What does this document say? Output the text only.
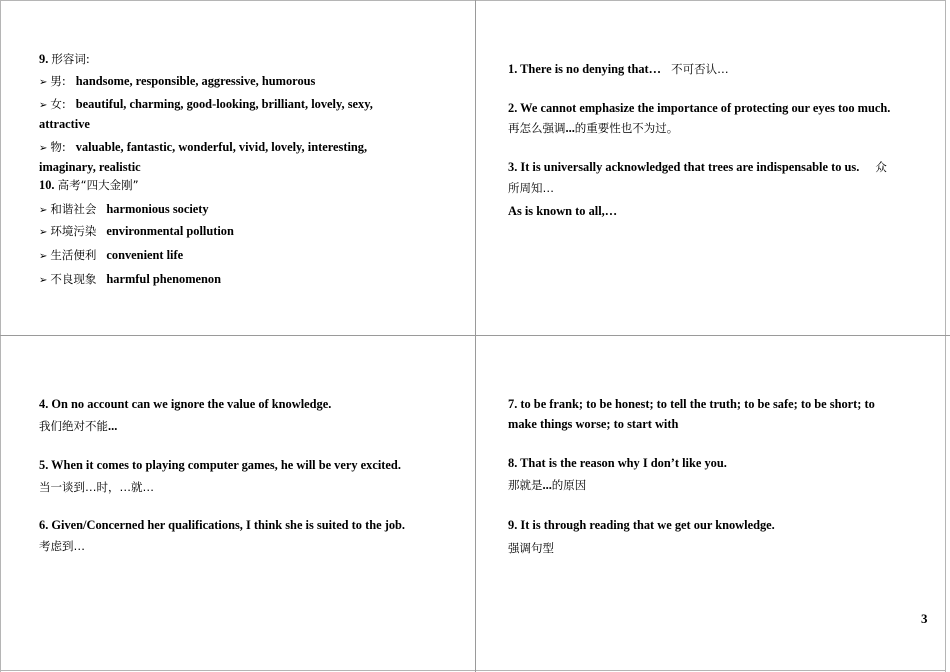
9. 形容词:
➢ 男: handsome, responsible, aggressive, humorous
➢ 女: beautiful, charming, good-looking, brilliant, lovely, sexy,
attractive
➢ 物: valuable, fantastic, wonderful, vivid, lovely, interesting,
imaginary, realistic
10. 高考“四大金刚”
➢ 和谐社会 harmonious society
➢ 环境污染 environmental pollution
➢ 生活便利 convenient life
➢ 不良现象 harmful phenomenon
1. There is no denying that… 不可否认…
2. We cannot emphasize the importance of protecting our eyes too much.
再怎么强调...的重要性也不为过。
3. It is universally acknowledged that trees are indispensable to us. 众
所周知…
As is known to all,…
4. On no account can we ignore the value of knowledge.
我们绝对不能...
5. When it comes to playing computer games, he will be very excited.
当一谈到…时，…就…
6. Given/Concerned her qualifications, I think she is suited to the job.
考虑到…
7. to be frank; to be honest; to tell the truth; to be safe; to be short; to
make things worse; to start with
8. That is the reason why I don’t like you.
那就是...的原因
9. It is through reading that we get our knowledge.
强调句型
3
